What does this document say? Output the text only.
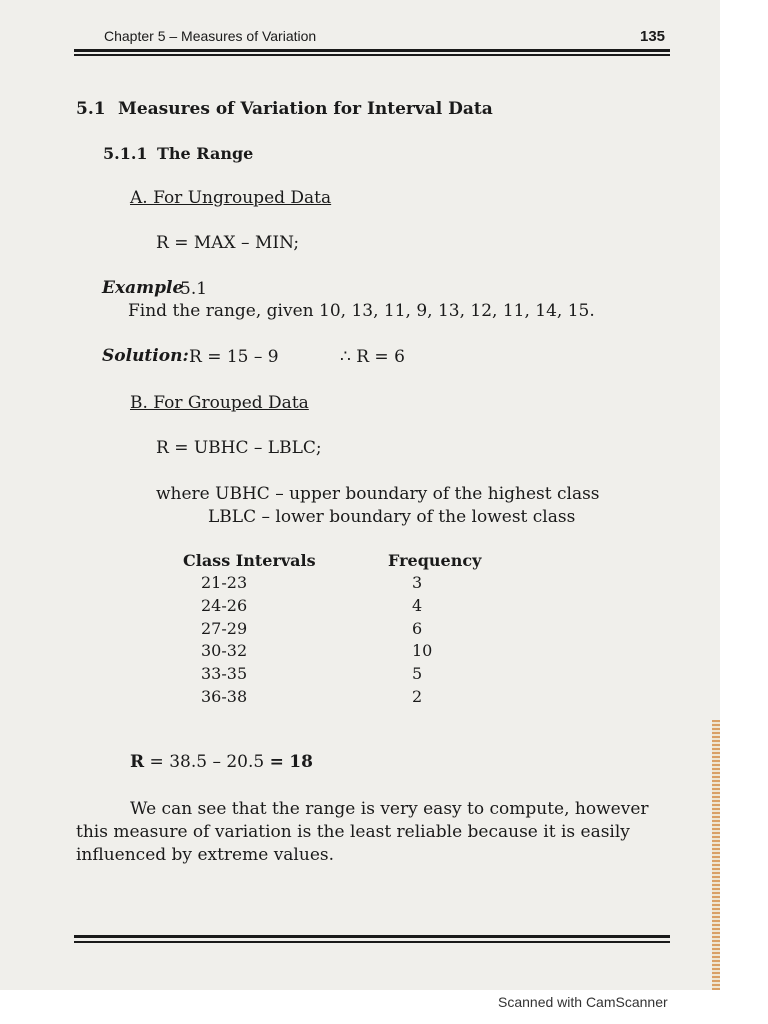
Chapter 5 – Measures of Variation	135
5.1 Measures of Variation for Interval Data
5.1.1 The Range
A. For Ungrouped Data
R = MAX – MIN;
Example
5.1
Find the range, given 10, 13, 11, 9, 13, 12, 11, 14, 15.
Solution: R = 15 – 9	∴ R = 6
B. For Grouped Data
R = UBHC – LBLC;
where UBHC – upper boundary of the highest class
LBLC – lower boundary of the lowest class
Class Intervals	Frequency
21-23	3
24-26	4
27-29	6
30-32	10
33-35	5
36-38	2
R = 38.5 – 20.5 = 18

We can see that the range is very easy to compute, however this measure of variation is the least reliable because it is easily influenced by extreme values.

Scanned with CamScanner
